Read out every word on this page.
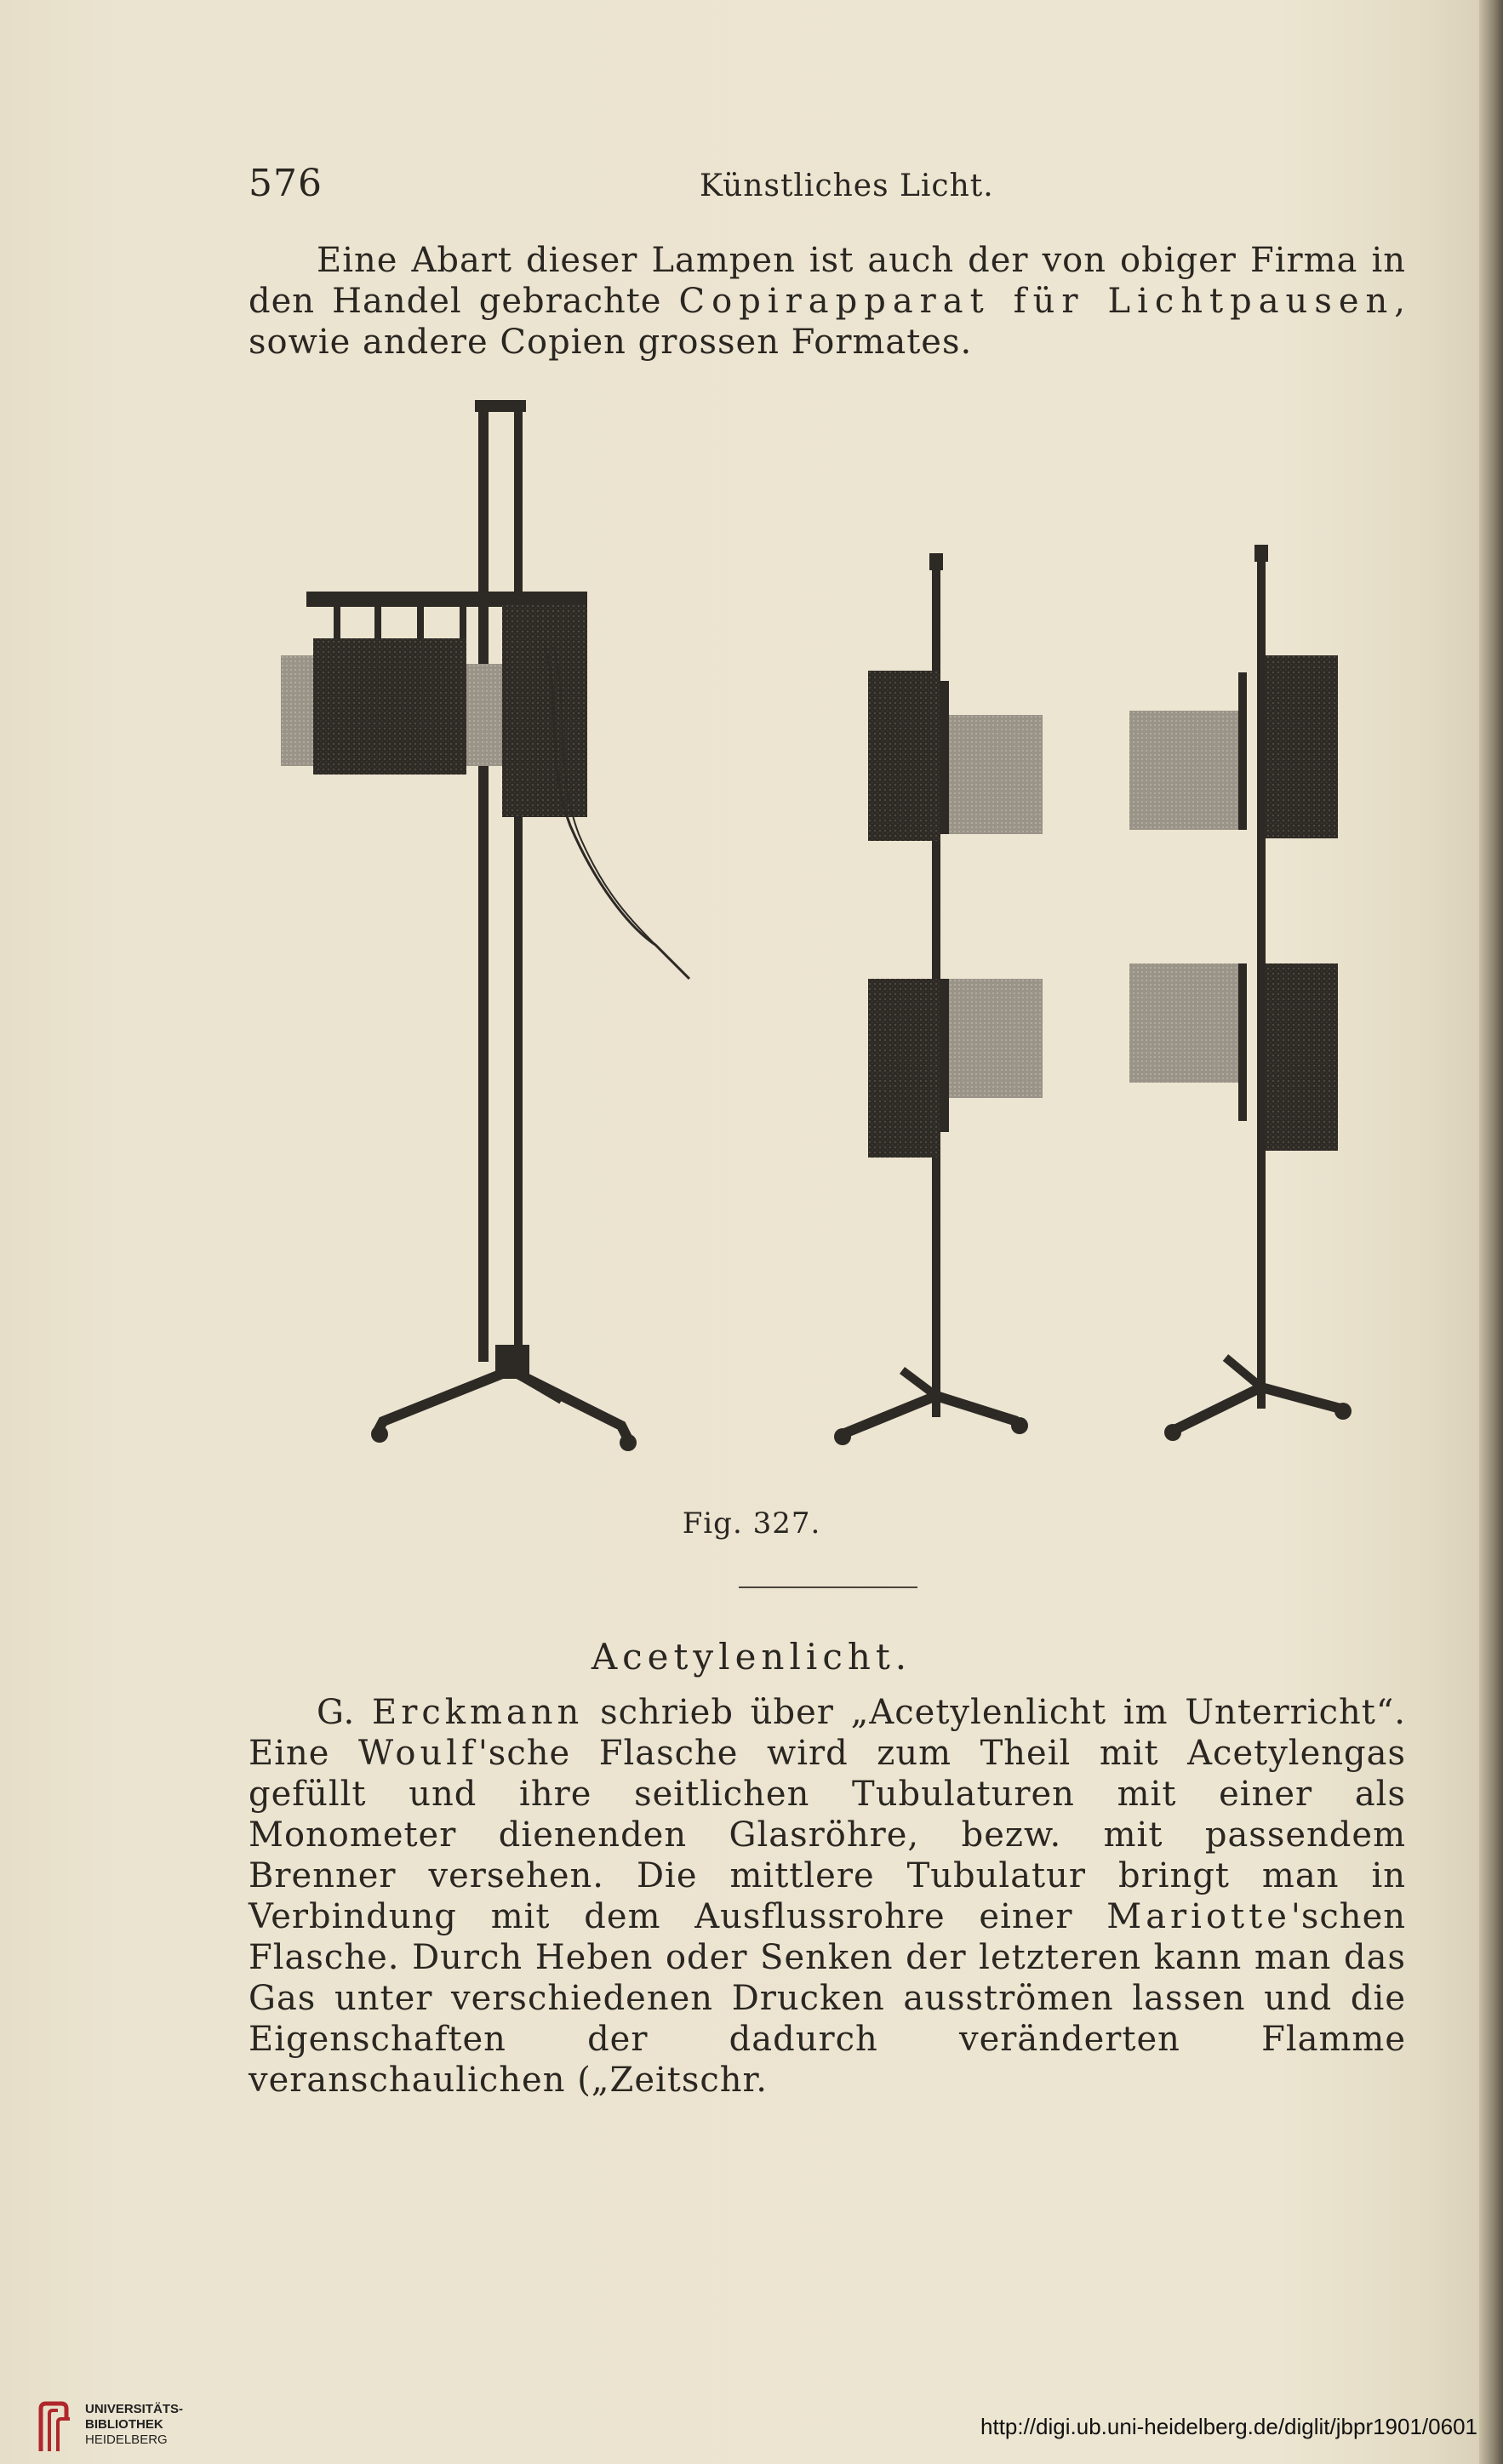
576	Künstliches Licht.

Eine Abart dieser Lampen ist auch der von obiger Firma in den Handel gebrachte Copirapparat für Lichtpausen, sowie andere Copien grossen Formates.

Fig. 327.
Acetylenlicht.

G. Erckmann schrieb über „Acetylenlicht im Unterricht“. Eine Woulf'sche Flasche wird zum Theil mit Acetylengas gefüllt und ihre seitlichen Tubulaturen mit einer als Monometer dienenden Glasröhre, bezw. mit passendem Brenner versehen. Die mittlere Tubulatur bringt man in Verbindung mit dem Ausflussrohre einer Mariotte'schen Flasche. Durch Heben oder Senken der letzteren kann man das Gas unter verschiedenen Drucken ausströmen lassen und die Eigenschaften der dadurch veränderten Flamme veranschaulichen („Zeitschr.

UNIVERSITÄTS-
BIBLIOTHEK
HEIDELBERG
http://digi.ub.uni-heidelberg.de/diglit/jbpr1901/0601
